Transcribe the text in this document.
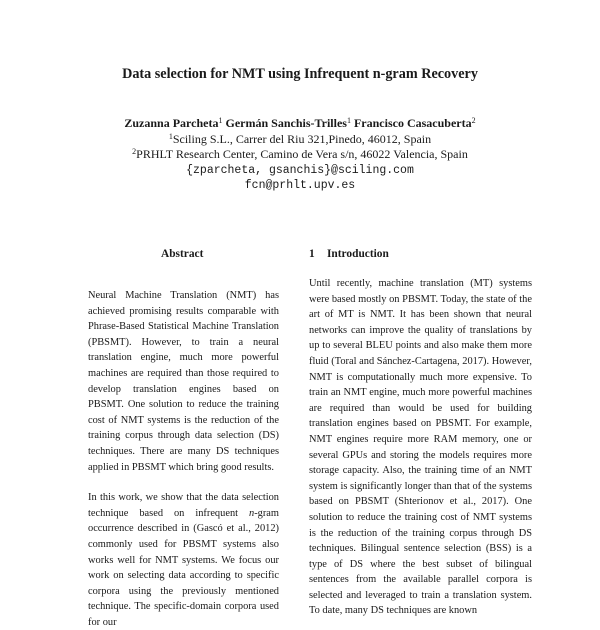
Data selection for NMT using Infrequent n-gram Recovery
Zuzanna Parcheta$^1$ Germán Sanchis-Trilles$^1$ Francisco Casacuberta$^2$
$^1$Sciling S.L., Carrer del Riu 321,Pinedo, 46012, Spain
$^2$PRHLT Research Center, Camino de Vera s/n, 46022 Valencia, Spain
{zparcheta, gsanchis}@sciling.com
fcn@prhlt.upv.es
Abstract	1 Introduction

Neural Machine Translation (NMT) has achieved promising results comparable with Phrase-Based Statistical Machine Translation (PBSMT). However, to train a neural translation engine, much more powerful machines are required than those required to develop translation engines based on PBSMT. One solution to reduce the training cost of NMT systems is the reduction of the training corpus through data selection (DS) techniques. There are many DS techniques applied in PBSMT which bring good results.

In this work, we show that the data selection technique based on infrequent n-gram occurrence described in (Gascó et al., 2012) commonly used for PBSMT systems also works well for NMT systems. We focus our work on selecting data according to specific corpora using the previously mentioned technique. The specific-domain corpora used for our

Until recently, machine translation (MT) systems were based mostly on PBSMT. Today, the state of the art of MT is NMT. It has been shown that neural networks can improve the quality of translations by up to several BLEU points and also make them more fluid (Toral and Sánchez-Cartagena, 2017). However, NMT is computationally much more expensive. To train an NMT engine, much more powerful machines are required than would be used for building translation engines based on PBSMT. For example, NMT engines require more RAM memory, one or several GPUs and storing the models requires more storage capacity. Also, the training time of an NMT system is significantly longer than that of the systems based on PBSMT (Shterionov et al., 2017). One solution to reduce the training cost of NMT systems is the reduction of the training corpus through DS techniques. Bilingual sentence selection (BSS) is a type of DS where the best subset of bilingual sentences from the available parallel corpora is selected and leveraged to train a translation system. To date, many DS techniques are known
